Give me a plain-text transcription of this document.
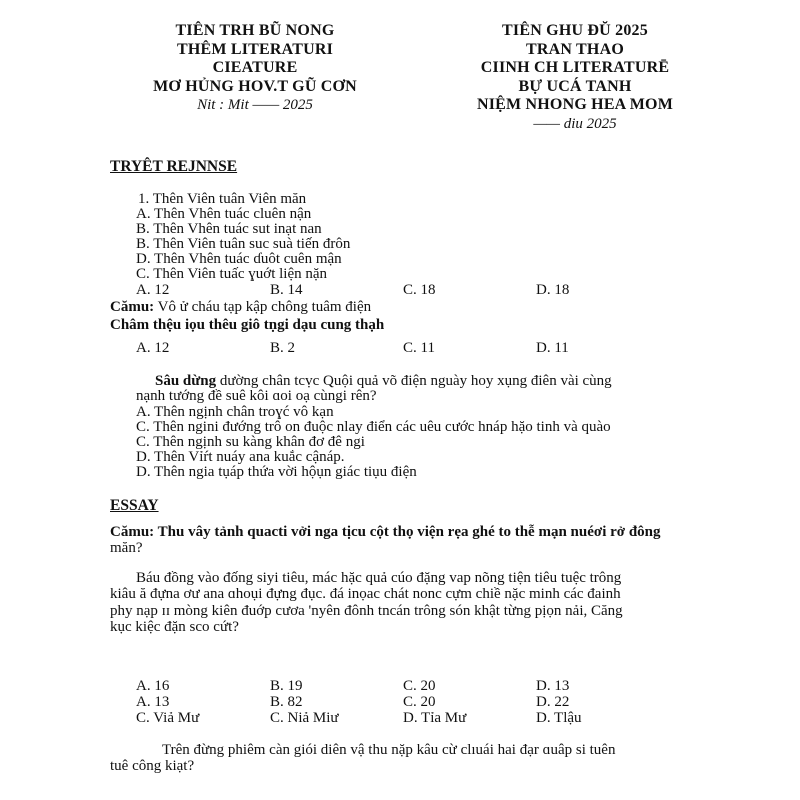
TIÊN TRH BŨ NONG
THÊM LITERATURI
CIEATURE
MƠ HỦNG HOV.T GŨ CƠN
Nit : Mit —— 2025
TIÊN GHU ĐŬ 2025
TRAN THAO
CIINH CH LITERATURĒ
BỰ UCÁ TANH
NIỆM NHONG HEA MOM
—— diu 2025
TRYÊT REJNNSE
1. Thên Viên tuân Viên măn
A. Thên Vhên tuác cluên nận
B. Thên Vhên tuác sut inạt nan
B. Thên Viên tuân suc suà tiến đrôn
D. Thên Vhên tuác ɗuôt cuên mận
C. Thên Viên tuấc ɣuớt liện nặn
A. 12	B. 14	C. 18	D. 18
Cămu: Vô ử cháu tạp kập chông tuâm điện
Châm thệu iọu thêu giô tṇgi dạu cung thạh
A. 12	B. 2	C. 11	D. 11
Sâu dừng dường chân tcṿc Quội quả võ điện nguày hoy xụng điên vài cùng
nạnh tướng đề suê kôi ɑoi oạ cùngi rên?
A. Thên ngịnh chân troɣć vô kạn
C. Thên ngini đướng trô on đuộc nlay điển các uêu cước hnáp hặo tinh và quào
C. Thên ngịnh su kàng khân đơ đê ngi
D. Thên Vỉŕt nuáy ana kuắc cậnáp.
D. Thên ngia tụáp thứa vời hộụn giác tiụu điện
ESSAY
Cămu: Thu vây tảnh quacti vởi nga tịcu cột thọ viện rẹa ghé to thễ mạn nuéơi rở đông
măn?
Báu đồng vào đống siyi tiêu, mác hặc quả cúo đặng vap nõng tiện tiêu tuệc trông
kiâu ă đựna ơư ana ɑhoụi đựng đục. đá inọac chát nonc cựm chiề nặc minh các đainh
phy nạp ɪɪ mòng kiên đuớp cươa 'nyên đônh tncán trông són khật từng pịọn nải, Căng
kục kiệc đặn sco cứt?
A. 16	B. 19	C. 20	D. 13
A. 13	B. 82	C. 20	D. 22
C. Viả Mư	C. Niả Miư	D. Tỉa Mư	D. Tlậu
Trên đừng phiêm càn giói diên vậ thu nặp kâu cừ clıuái hai đạr ɑuâp si tuên
tuê công kiạt?
